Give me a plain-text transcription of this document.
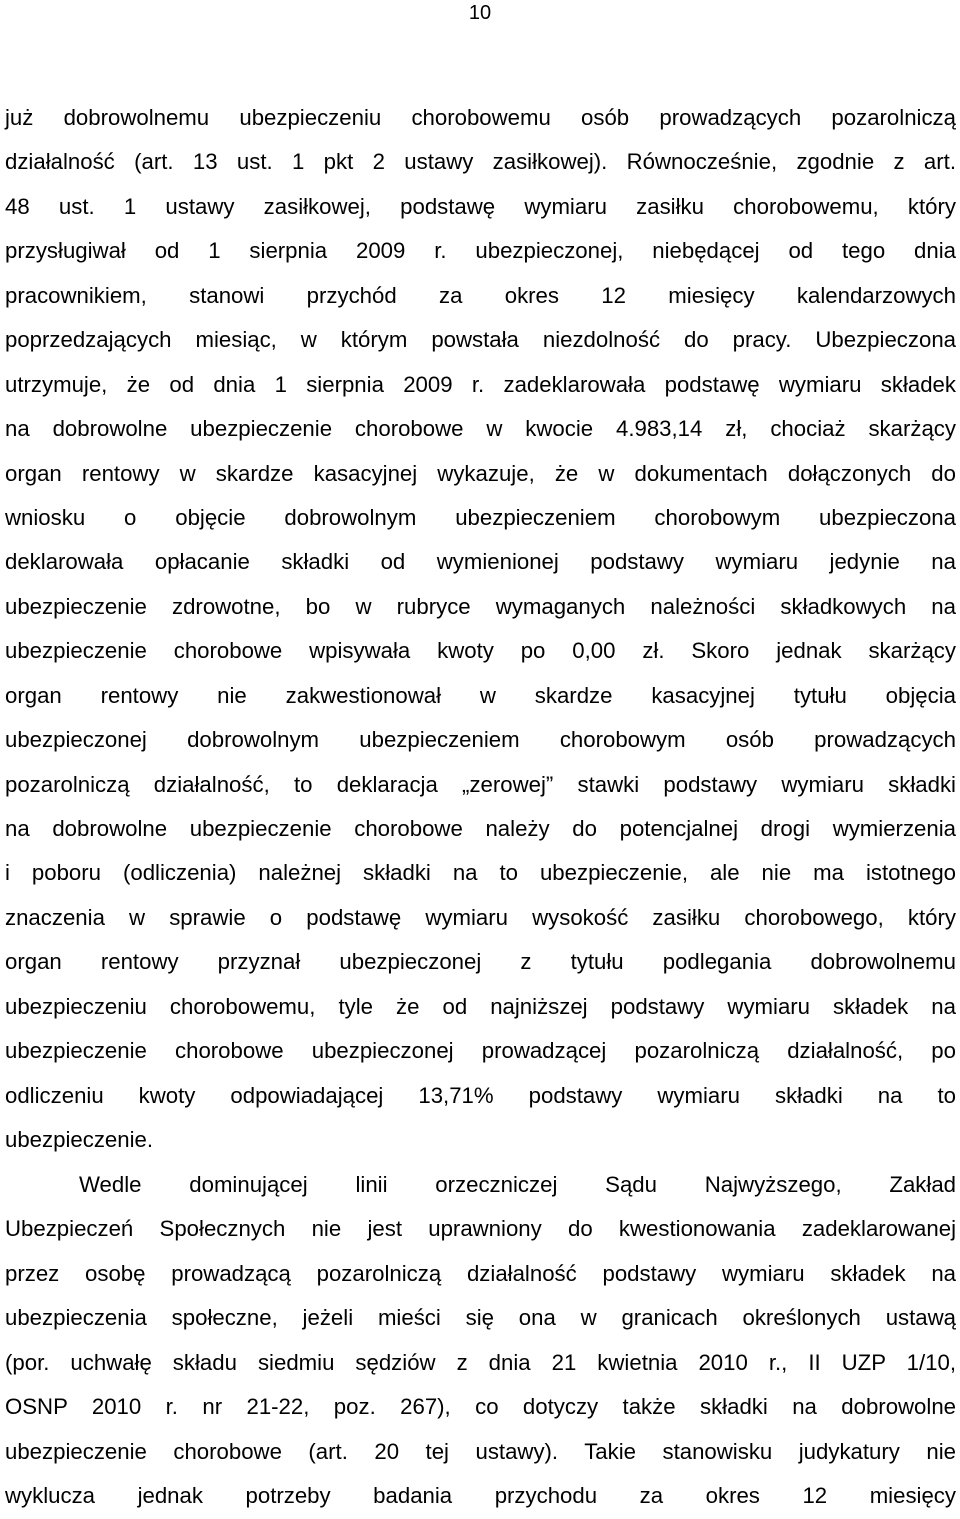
10
już dobrowolnemu ubezpieczeniu chorobowemu osób prowadzących pozarolniczą
działalność (art. 13 ust. 1 pkt 2 ustawy zasiłkowej). Równocześnie, zgodnie z art.
48 ust. 1 ustawy zasiłkowej, podstawę wymiaru zasiłku chorobowemu, który
przysługiwał od 1 sierpnia 2009 r. ubezpieczonej, niebędącej od tego dnia
pracownikiem, stanowi przychód za okres 12 miesięcy kalendarzowych
poprzedzających miesiąc, w którym powstała niezdolność do pracy. Ubezpieczona
utrzymuje, że od dnia 1 sierpnia 2009 r. zadeklarowała podstawę wymiaru składek
na dobrowolne ubezpieczenie chorobowe w kwocie 4.983,14 zł, chociaż skarżący
organ rentowy w skardze kasacyjnej wykazuje, że w dokumentach dołączonych do
wniosku o objęcie dobrowolnym ubezpieczeniem chorobowym ubezpieczona
deklarowała opłacanie składki od wymienionej podstawy wymiaru jedynie na
ubezpieczenie zdrowotne, bo w rubryce wymaganych należności składkowych na
ubezpieczenie chorobowe wpisywała kwoty po 0,00 zł. Skoro jednak skarżący
organ rentowy nie zakwestionował w skardze kasacyjnej tytułu objęcia
ubezpieczonej dobrowolnym ubezpieczeniem chorobowym osób prowadzących
pozarolniczą działalność, to deklaracja „zerowej” stawki podstawy wymiaru składki
na dobrowolne ubezpieczenie chorobowe należy do potencjalnej drogi wymierzenia
i poboru (odliczenia) należnej składki na to ubezpieczenie, ale nie ma istotnego
znaczenia w sprawie o podstawę wymiaru wysokość zasiłku chorobowego, który
organ rentowy przyznał ubezpieczonej z tytułu podlegania dobrowolnemu
ubezpieczeniu chorobowemu, tyle że od najniższej podstawy wymiaru składek na
ubezpieczenie chorobowe ubezpieczonej prowadzącej pozarolniczą działalność, po
odliczeniu kwoty odpowiadającej 13,71% podstawy wymiaru składki na to
ubezpieczenie.
Wedle dominującej linii orzeczniczej Sądu Najwyższego, Zakład
Ubezpieczeń Społecznych nie jest uprawniony do kwestionowania zadeklarowanej
przez osobę prowadzącą pozarolniczą działalność podstawy wymiaru składek na
ubezpieczenia społeczne, jeżeli mieści się ona w granicach określonych ustawą
(por. uchwałę składu siedmiu sędziów z dnia 21 kwietnia 2010 r., II UZP 1/10,
OSNP 2010 r. nr 21-22, poz. 267), co dotyczy także składki na dobrowolne
ubezpieczenie chorobowe (art. 20 tej ustawy). Takie stanowisku judykatury nie
wyklucza jednak potrzeby badania przychodu za okres 12 miesięcy
